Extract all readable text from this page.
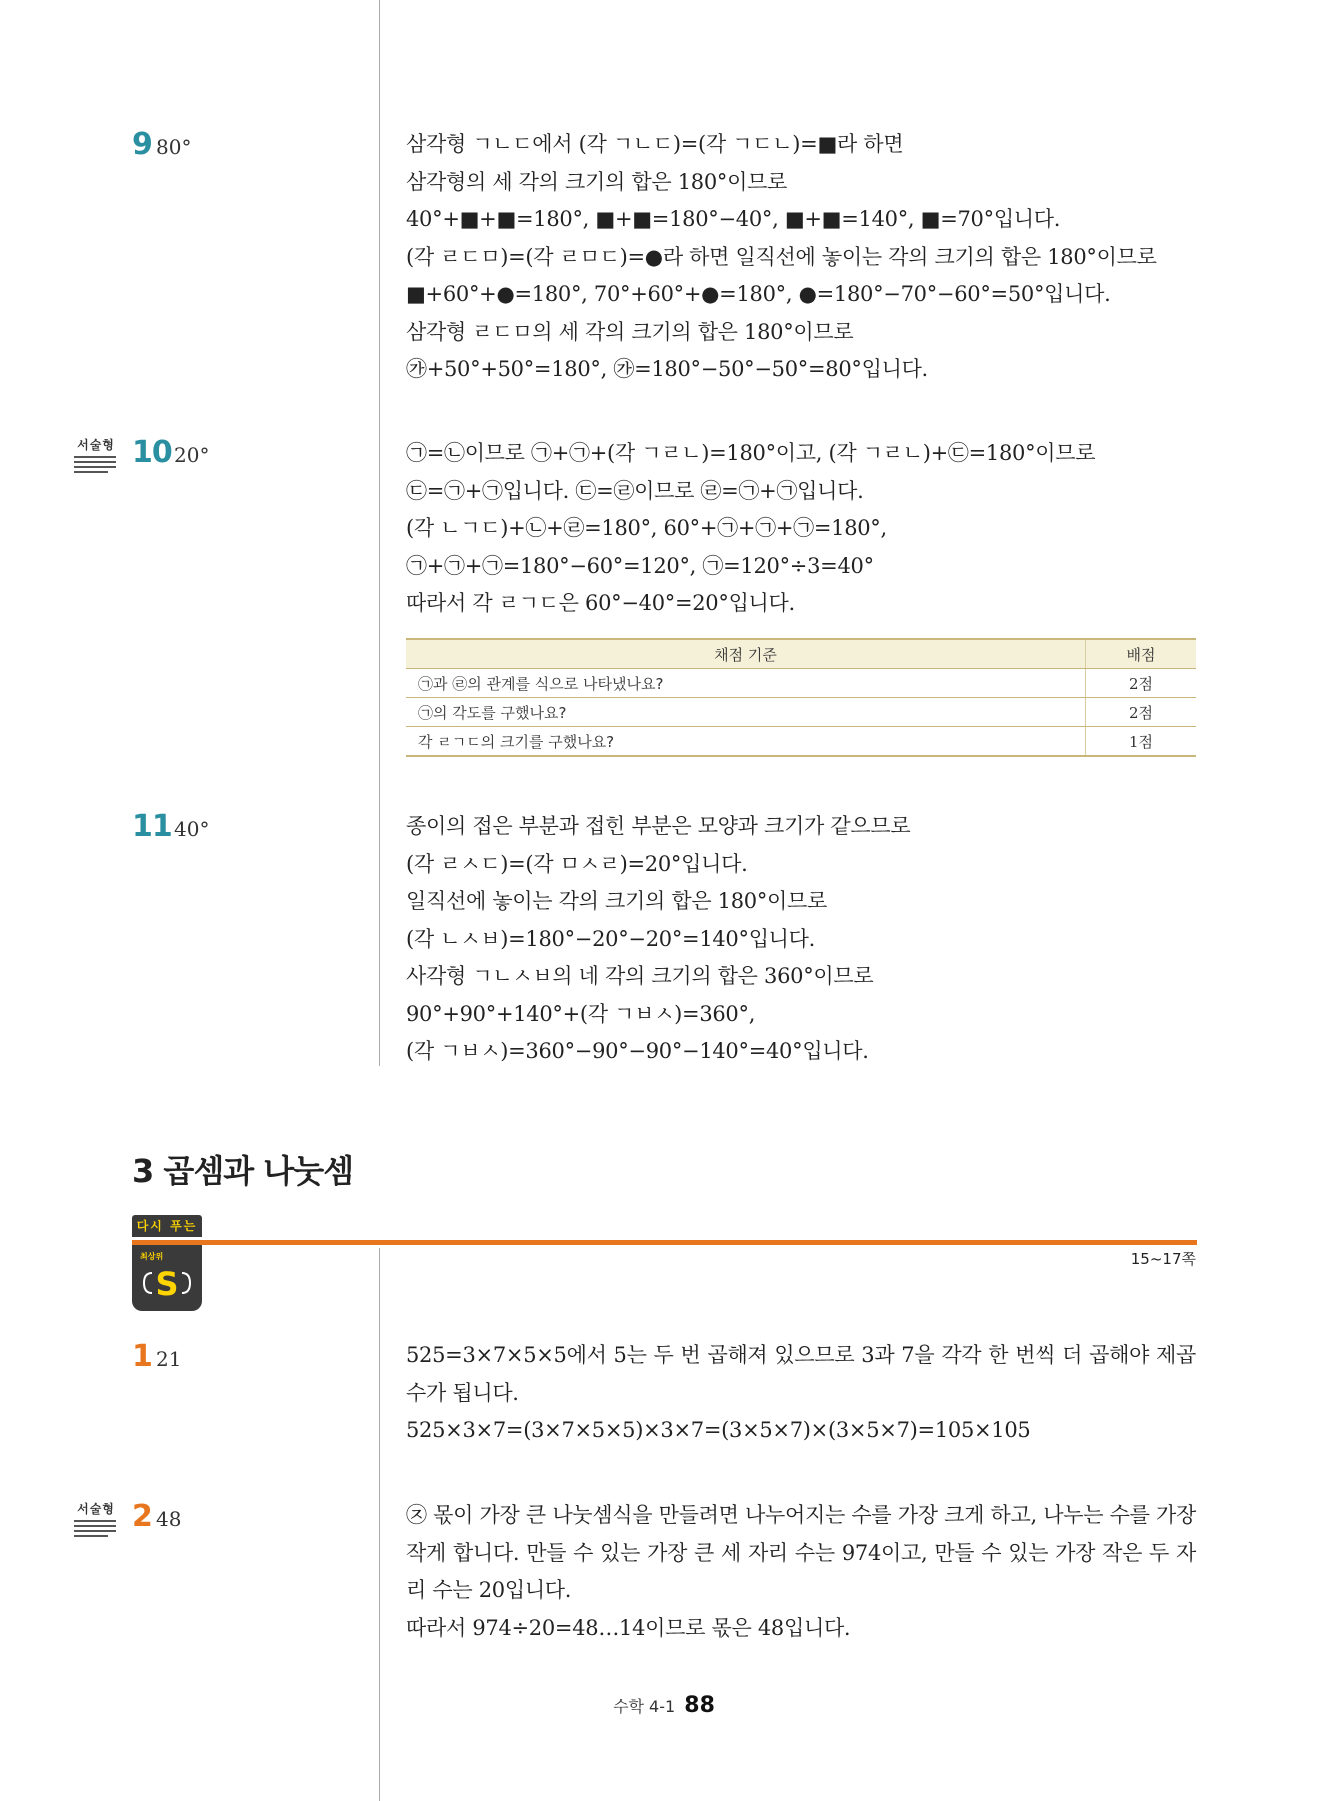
9 80°	삼각형 ㄱㄴㄷ에서 (각 ㄱㄴㄷ)=(각 ㄱㄷㄴ)=■라 하면

삼각형의 세 각의 크기의 합은 180°이므로

40°+■+■=180°, ■+■=180°−40°, ■+■=140°, ■=70°입니다.

(각 ㄹㄷㅁ)=(각 ㄹㅁㄷ)=●라 하면 일직선에 놓이는 각의 크기의 합은 180°이므로

■+60°+●=180°, 70°+60°+●=180°, ●=180°−70°−60°=50°입니다.

삼각형 ㄹㄷㅁ의 세 각의 크기의 합은 180°이므로

㉮+50°+50°=180°, ㉮=180°−50°−50°=80°입니다.

서술형 10 20°	㉠=㉡이므로 ㉠+㉠+(각 ㄱㄹㄴ)=180°이고, (각 ㄱㄹㄴ)+㉢=180°이므로

㉢=㉠+㉠입니다. ㉢=㉣이므로 ㉣=㉠+㉠입니다.

(각 ㄴㄱㄷ)+㉡+㉣=180°, 60°+㉠+㉠+㉠=180°,

㉠+㉠+㉠=180°−60°=120°, ㉠=120°÷3=40°

따라서 각 ㄹㄱㄷ은 60°−40°=20°입니다.

채점 기준	배점
㉠과 ㉣의 관계를 식으로 나타냈나요?	2점
㉠의 각도를 구했나요?	2점
각 ㄹㄱㄷ의 크기를 구했나요?	1점
11 40°	종이의 접은 부분과 접힌 부분은 모양과 크기가 같으므로

(각 ㄹㅅㄷ)=(각 ㅁㅅㄹ)=20°입니다.

일직선에 놓이는 각의 크기의 합은 180°이므로

(각 ㄴㅅㅂ)=180°−20°−20°=140°입니다.

사각형 ㄱㄴㅅㅂ의 네 각의 크기의 합은 360°이므로

90°+90°+140°+(각 ㄱㅂㅅ)=360°,

(각 ㄱㅂㅅ)=360°−90°−90°−140°=40°입니다.

3 곱셈과 나눗셈
다시 푸는
최상위
S
15~17쪽
1 21	525=3×7×5×5에서 5는 두 번 곱해져 있으므로 3과 7을 각각 한 번씩 더 곱해야 제곱수가 됩니다.

525×3×7=(3×7×5×5)×3×7=(3×5×7)×(3×5×7)=105×105

서술형 2 48	㉨ 몫이 가장 큰 나눗셈식을 만들려면 나누어지는 수를 가장 크게 하고, 나누는 수를 가장 작게 합니다. 만들 수 있는 가장 큰 세 자리 수는 974이고, 만들 수 있는 가장 작은 두 자리 수는 20입니다.

따라서 974÷20=48…14이므로 몫은 48입니다.

수학 4-1 88
